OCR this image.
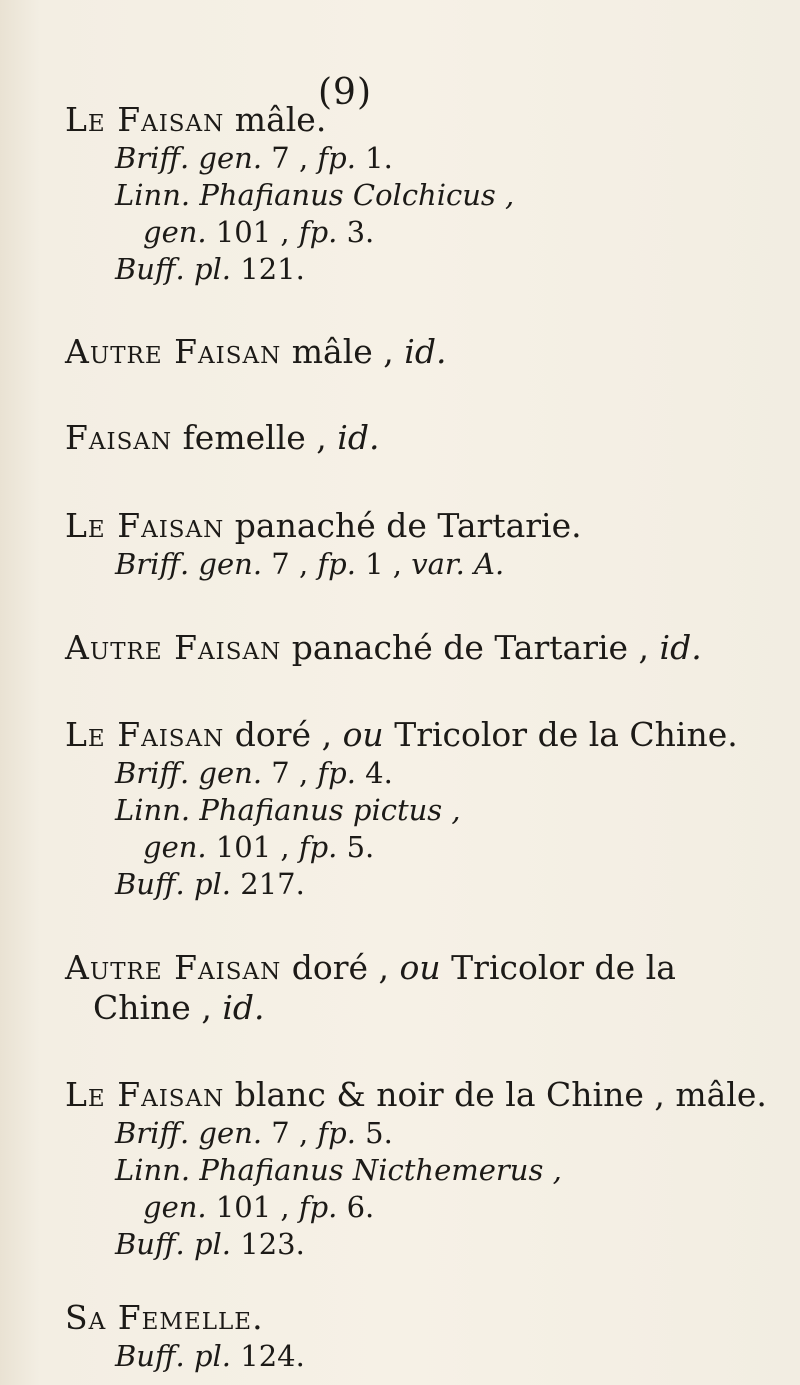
(9)
Le Faisan mâle.
Briff. gen. 7 , fp. 1.
Linn. Phafianus Colchicus ,
gen. 101 , fp. 3.
Buff. pl. 121.
Autre Faisan mâle , id.
Faisan femelle , id.
Le Faisan panaché de Tartarie.
Briff. gen. 7 , fp. 1 , var. A.
Autre Faisan panaché de Tartarie , id.
Le Faisan doré , ou Tricolor de la Chine.
Briff. gen. 7 , fp. 4.
Linn. Phafianus pictus ,
gen. 101 , fp. 5.
Buff. pl. 217.
Autre Faisan doré , ou Tricolor de la
Chine , id.
Le Faisan blanc & noir de la Chine , mâle.
Briff. gen. 7 , fp. 5.
Linn. Phafianus Nicthemerus ,
gen. 101 , fp. 6.
Buff. pl. 123.
Sa Femelle.
Buff. pl. 124.
